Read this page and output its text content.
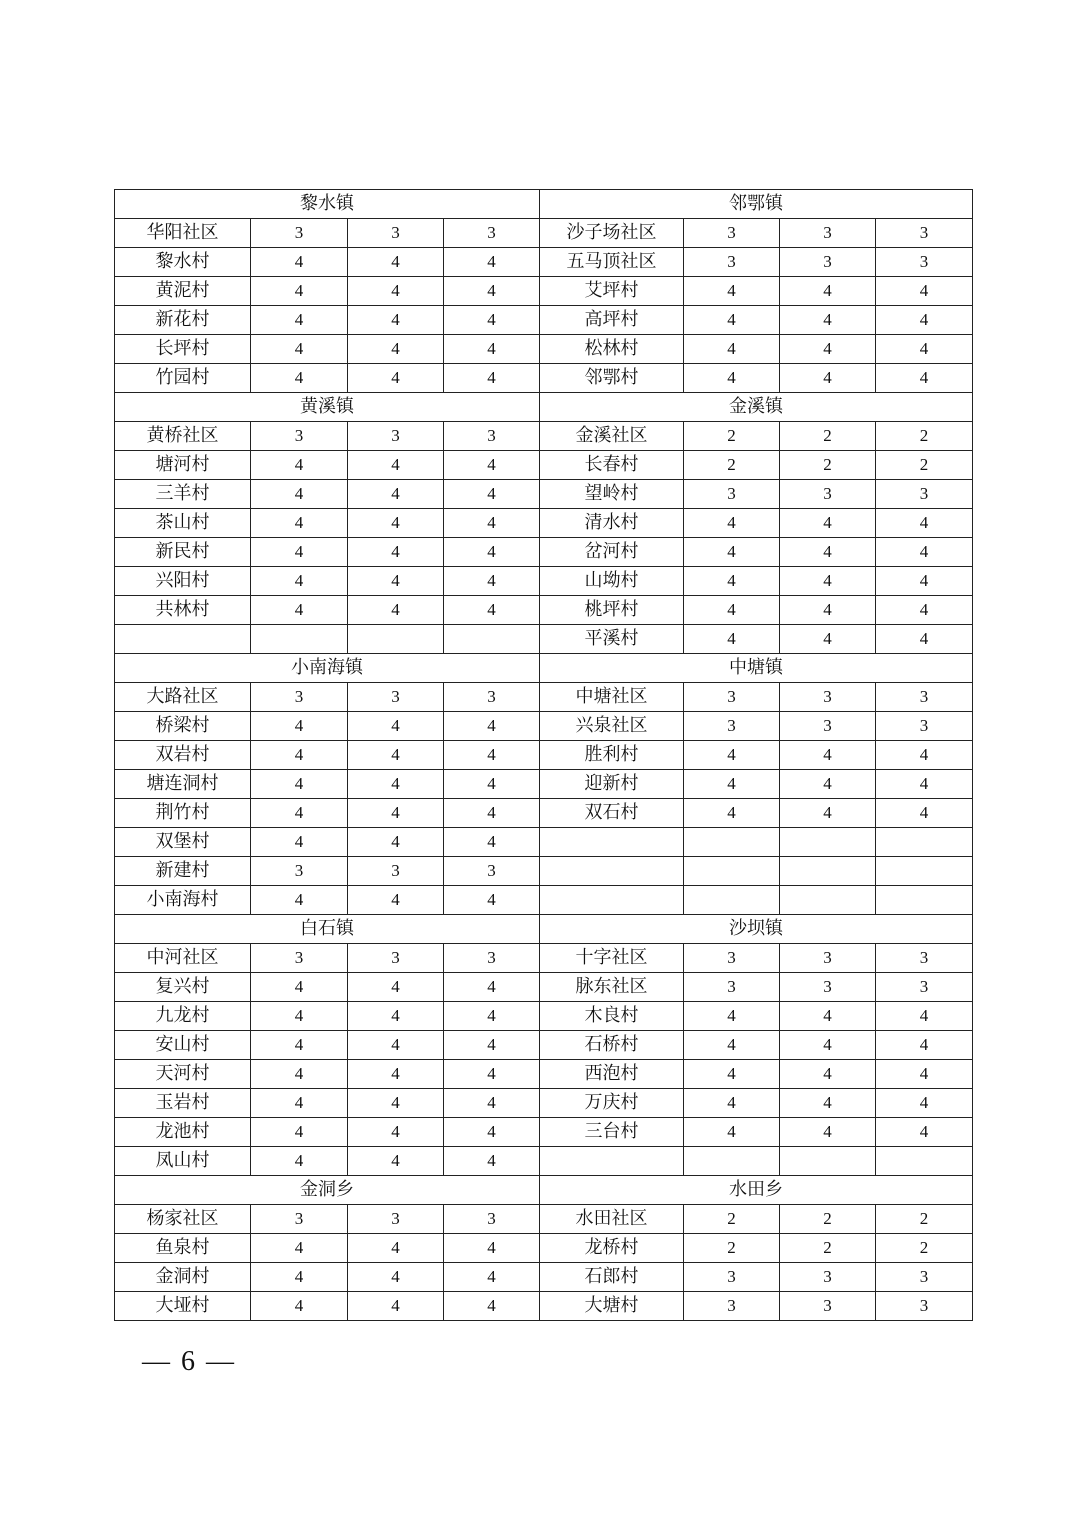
黎水镇				邻鄂镇			
华阳社区	3	3	3	沙子场社区	3	3	3
黎水村	4	4	4	五马顶社区	3	3	3
黄泥村	4	4	4	艾坪村	4	4	4
新花村	4	4	4	高坪村	4	4	4
长坪村	4	4	4	松林村	4	4	4
竹园村	4	4	4	邻鄂村	4	4	4
黄溪镇				金溪镇			
黄桥社区	3	3	3	金溪社区	2	2	2
塘河村	4	4	4	长春村	2	2	2
三羊村	4	4	4	望岭村	3	3	3
茶山村	4	4	4	清水村	4	4	4
新民村	4	4	4	岔河村	4	4	4
兴阳村	4	4	4	山坳村	4	4	4
共林村	4	4	4	桃坪村	4	4	4
				平溪村	4	4	4
小南海镇				中塘镇			
大路社区	3	3	3	中塘社区	3	3	3
桥梁村	4	4	4	兴泉社区	3	3	3
双岩村	4	4	4	胜利村	4	4	4
塘连洞村	4	4	4	迎新村	4	4	4
荆竹村	4	4	4	双石村	4	4	4
双堡村	4	4	4				
新建村	3	3	3				
小南海村	4	4	4				
白石镇				沙坝镇			
中河社区	3	3	3	十字社区	3	3	3
复兴村	4	4	4	脉东社区	3	3	3
九龙村	4	4	4	木良村	4	4	4
安山村	4	4	4	石桥村	4	4	4
天河村	4	4	4	西泡村	4	4	4
玉岩村	4	4	4	万庆村	4	4	4
龙池村	4	4	4	三台村	4	4	4
凤山村	4	4	4				
金洞乡				水田乡			
杨家社区	3	3	3	水田社区	2	2	2
鱼泉村	4	4	4	龙桥村	2	2	2
金洞村	4	4	4	石郎村	3	3	3
大垭村	4	4	4	大塘村	3	3	3
— 6 —
